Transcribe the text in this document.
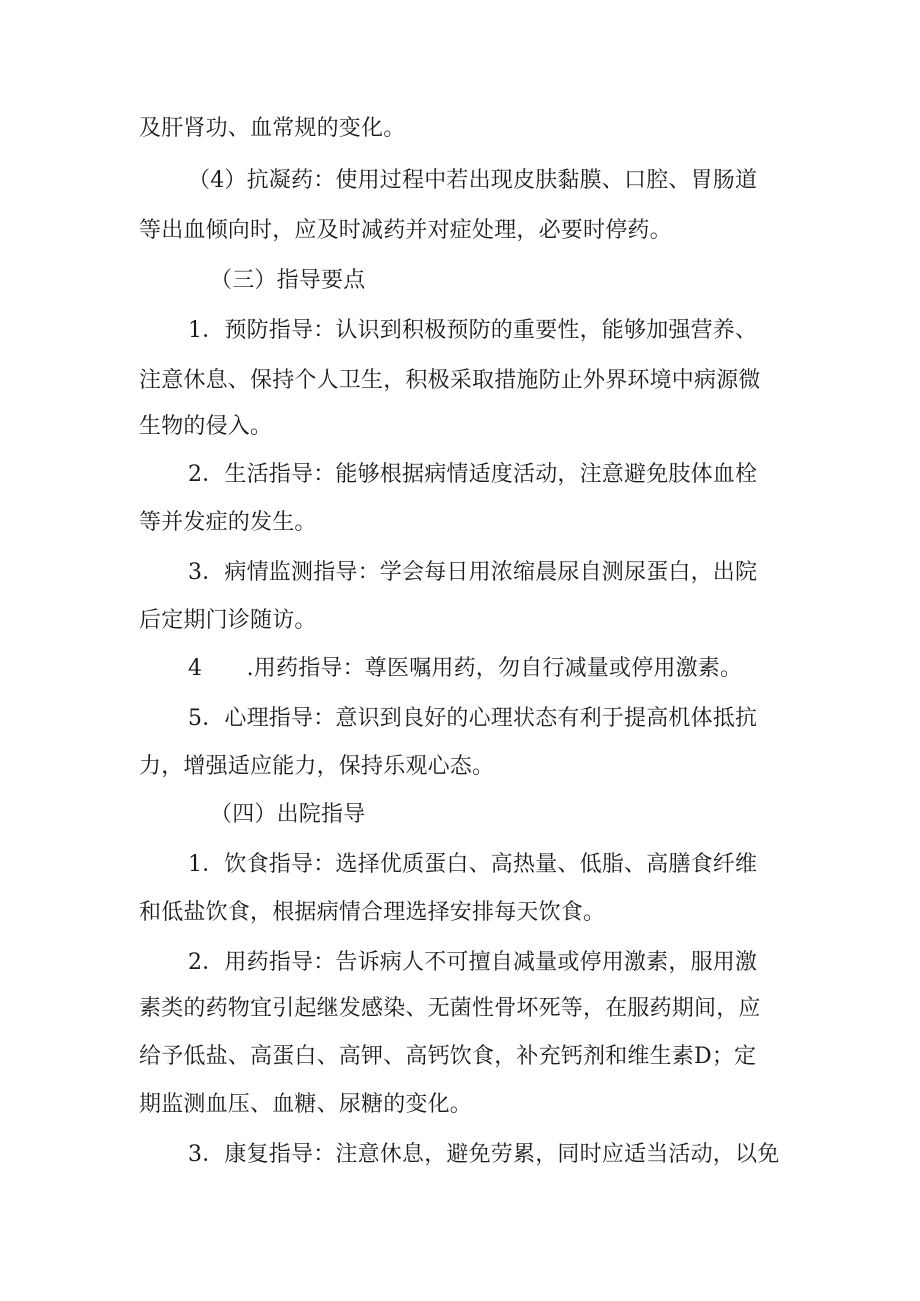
及肝肾功、血常规的变化。
（4）抗凝药：使用过程中若出现皮肤黏膜、口腔、胃肠道
等出血倾向时，应及时减药并对症处理，必要时停药。
（三）指导要点
1．预防指导：认识到积极预防的重要性，能够加强营养、
注意休息、保持个人卫生，积极采取措施防止外界环境中病源微
生物的侵入。
2．生活指导：能够根据病情适度活动，注意避免肢体血栓
等并发症的发生。
3．病情监测指导：学会每日用浓缩晨尿自测尿蛋白，出院
后定期门诊随访。
4　　.用药指导：尊医嘱用药，勿自行减量或停用激素。
5．心理指导：意识到良好的心理状态有利于提高机体抵抗
力，增强适应能力，保持乐观心态。
（四）出院指导
1．饮食指导：选择优质蛋白、高热量、低脂、高膳食纤维
和低盐饮食，根据病情合理选择安排每天饮食。
2．用药指导：告诉病人不可擅自减量或停用激素，服用激
素类的药物宜引起继发感染、无菌性骨坏死等，在服药期间，应
给予低盐、高蛋白、高钾、高钙饮食，补充钙剂和维生素D；定
期监测血压、血糖、尿糖的变化。
3．康复指导：注意休息，避免劳累，同时应适当活动，以免
